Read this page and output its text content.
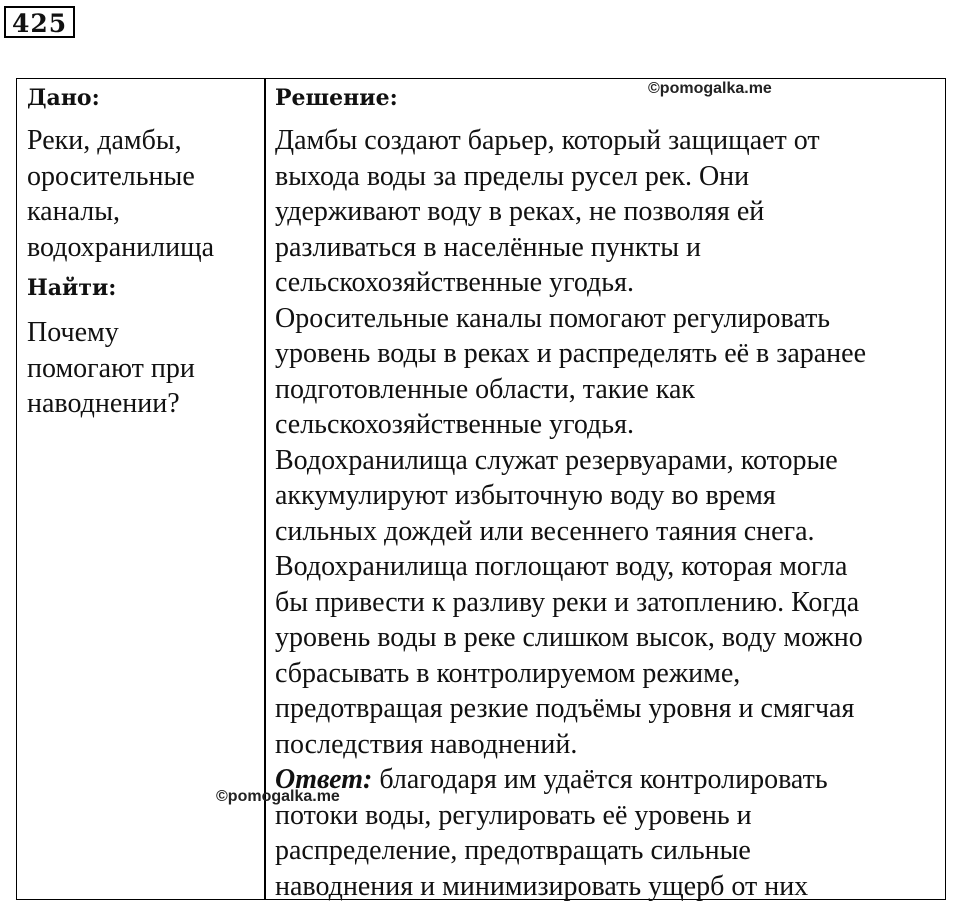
425
Дано:
Реки, дамбы,
оросительные
каналы,
водохранилища
Найти:
Почему
помогают при
наводнении?
Решение:
Дамбы создают барьер, который защищает от
выхода воды за пределы русел рек. Они
удерживают воду в реках, не позволяя ей
разливаться в населённые пункты и
сельскохозяйственные угодья.
Оросительные каналы помогают регулировать
уровень воды в реках и распределять её в заранее
подготовленные области, такие как
сельскохозяйственные угодья.
Водохранилища служат резервуарами, которые
аккумулируют избыточную воду во время
сильных дождей или весеннего таяния снега.
Водохранилища поглощают воду, которая могла
бы привести к разливу реки и затоплению. Когда
уровень воды в реке слишком высок, воду можно
сбрасывать в контролируемом режиме,
предотвращая резкие подъёмы уровня и смягчая
последствия наводнений.
Ответ: благодаря им удаётся контролировать
потоки воды, регулировать её уровень и
распределение, предотвращать сильные
наводнения и минимизировать ущерб от них
©pomogalka.me
©pomogalka.me
